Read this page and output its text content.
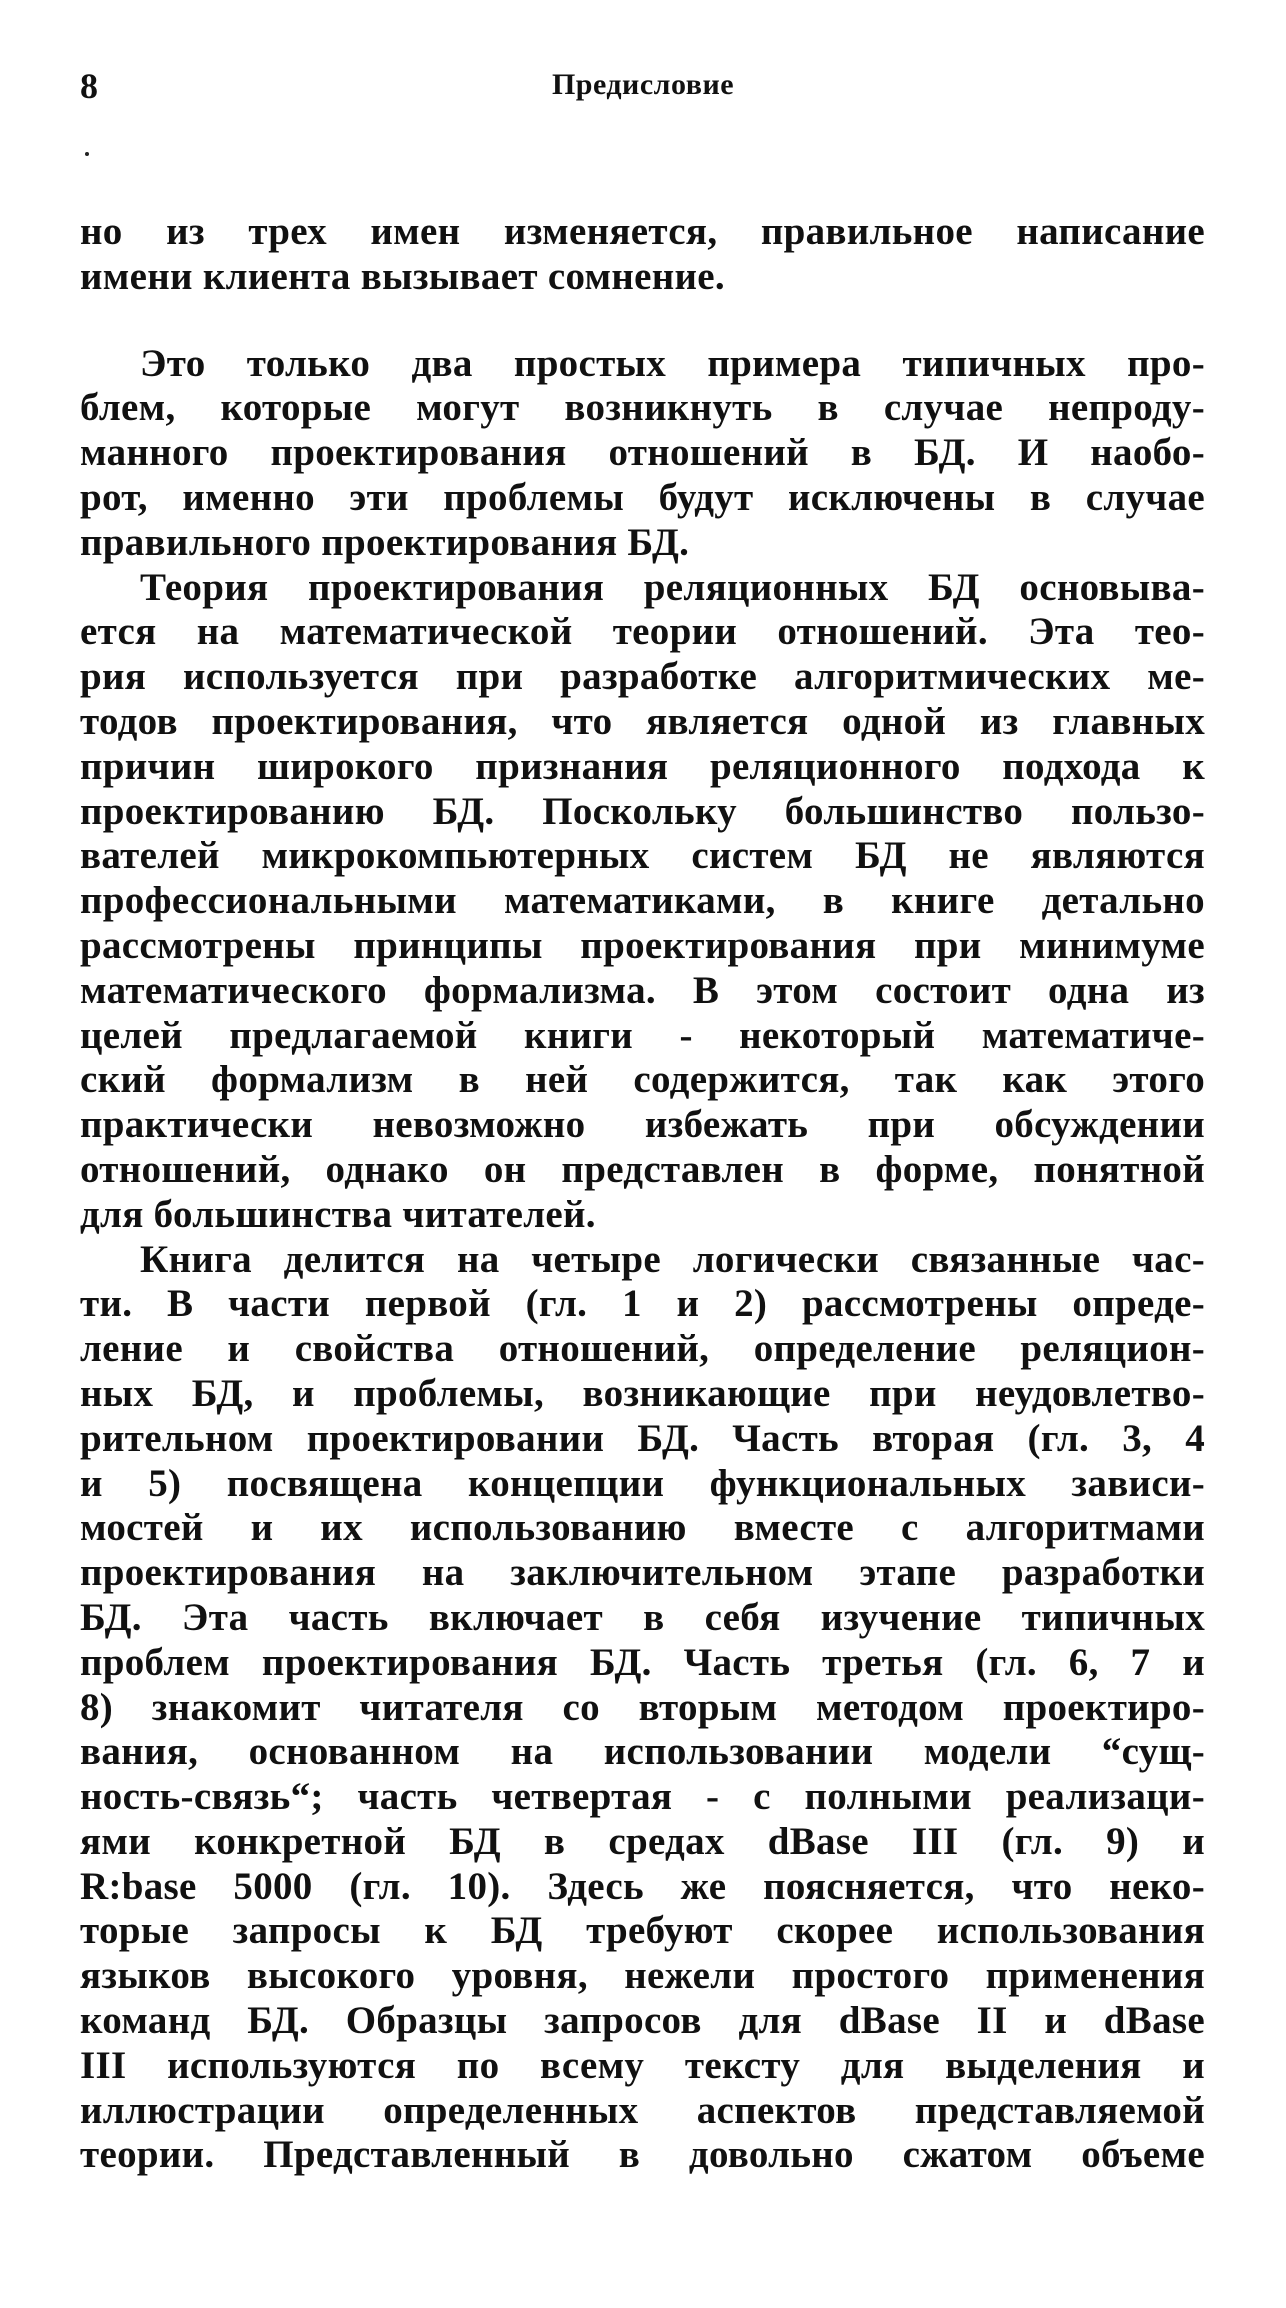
8	Предисловие
но из трех имен изменяется, правильное написание
имени клиента вызывает сомнение.
Это только два простых примера типичных про-
блем, которые могут возникнуть в случае непроду-
манного проектирования отношений в БД. И наобо-
рот, именно эти проблемы будут исключены в случае
правильного проектирования БД.
Теория проектирования реляционных БД основыва-
ется на математической теории отношений. Эта тео-
рия используется при разработке алгоритмических ме-
тодов проектирования, что является одной из главных
причин широкого признания реляционного подхода к
проектированию БД. Поскольку большинство пользо-
вателей микрокомпьютерных систем БД не являются
профессиональными математиками, в книге детально
рассмотрены принципы проектирования при минимуме
математического формализма. В этом состоит одна из
целей предлагаемой книги - некоторый математиче-
ский формализм в ней содержится, так как этого
практически невозможно избежать при обсуждении
отношений, однако он представлен в форме, понятной
для большинства читателей.
Книга делится на четыре логически связанные час-
ти. В части первой (гл. 1 и 2) рассмотрены опреде-
ление и свойства отношений, определение реляцион-
ных БД, и проблемы, возникающие при неудовлетво-
рительном проектировании БД. Часть вторая (гл. 3, 4
и 5) посвящена концепции функциональных зависи-
мостей и их использованию вместе с алгоритмами
проектирования на заключительном этапе разработки
БД. Эта часть включает в себя изучение типичных
проблем проектирования БД. Часть третья (гл. 6, 7 и
8) знакомит читателя со вторым методом проектиро-
вания, основанном на использовании модели “сущ-
ность-связь“; часть четвертая - с полными реализаци-
ями конкретной БД в средах dBase III (гл. 9) и
R:base 5000 (гл. 10). Здесь же поясняется, что неко-
торые запросы к БД требуют скорее использования
языков высокого уровня, нежели простого применения
команд БД. Образцы запросов для dBase II и dBase
III используются по всему тексту для выделения и
иллюстрации определенных аспектов представляемой
теории. Представленный в довольно сжатом объеме
